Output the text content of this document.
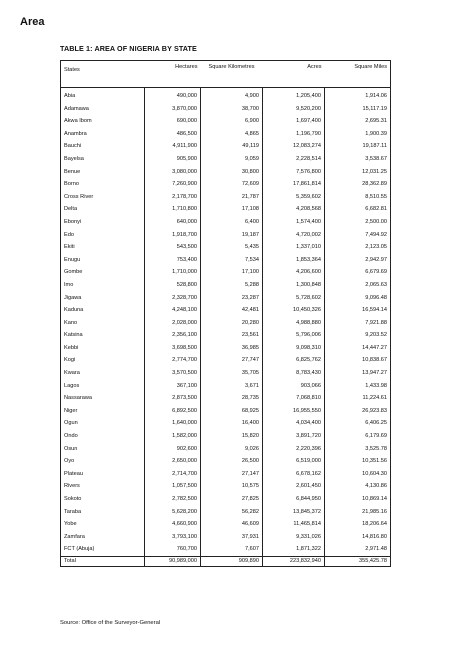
Area
TABLE 1: AREA OF NIGERIA BY STATE
States	Hectares	Square Kilometres	Acres	Square Miles
Abia	490,000	4,900	1,205,400	1,914.06
Adamawa	3,870,000	38,700	9,520,200	15,117.19
Akwa Ibom	690,000	6,900	1,697,400	2,695.31
Anambra	486,500	4,865	1,196,790	1,900.39
Bauchi	4,911,900	49,119	12,083,274	19,187.11
Bayelsa	905,900	9,059	2,228,514	3,538.67
Benue	3,080,000	30,800	7,576,800	12,031.25
Borno	7,260,900	72,609	17,861,814	28,362.89
Cross River	2,178,700	21,787	5,359,602	8,510.55
Delta	1,710,800	17,108	4,208,568	6,682.81
Ebonyi	640,000	6,400	1,574,400	2,500.00
Edo	1,918,700	19,187	4,720,002	7,494.92
Ekiti	543,500	5,435	1,337,010	2,123.05
Enugu	753,400	7,534	1,853,364	2,942.97
Gombe	1,710,000	17,100	4,206,600	6,679.69
Imo	528,800	5,288	1,300,848	2,065.63
Jigawa	2,328,700	23,287	5,728,602	9,096.48
Kaduna	4,248,100	42,481	10,450,326	16,594.14
Kano	2,028,000	20,280	4,988,880	7,921.88
Katsina	2,356,100	23,561	5,796,006	9,203.52
Kebbi	3,698,500	36,985	9,098,310	14,447.27
Kogi	2,774,700	27,747	6,825,762	10,838.67
Kwara	3,570,500	35,705	8,783,430	13,947.27
Lagos	367,100	3,671	903,066	1,433.98
Nassarawa	2,873,500	28,735	7,068,810	11,224.61
Niger	6,892,500	68,925	16,955,550	26,923.83
Ogun	1,640,000	16,400	4,034,400	6,406.25
Ondo	1,582,000	15,820	3,891,720	6,179.69
Osun	902,600	9,026	2,220,396	3,525.78
Oyo	2,650,000	26,500	6,519,000	10,351.56
Plateau	2,714,700	27,147	6,678,162	10,604.30
Rivers	1,057,500	10,575	2,601,450	4,130.86
Sokoto	2,782,500	27,825	6,844,950	10,869.14
Taraba	5,628,200	56,282	13,845,372	21,985.16
Yobe	4,660,900	46,609	11,465,814	18,206.64
Zamfara	3,793,100	37,931	9,331,026	14,816.80
FCT (Abuja)	760,700	7,607	1,871,322	2,971.48
Total	90,989,000	909,890	223,832,940	355,425.78

Source: Office of the Surveyor-General
